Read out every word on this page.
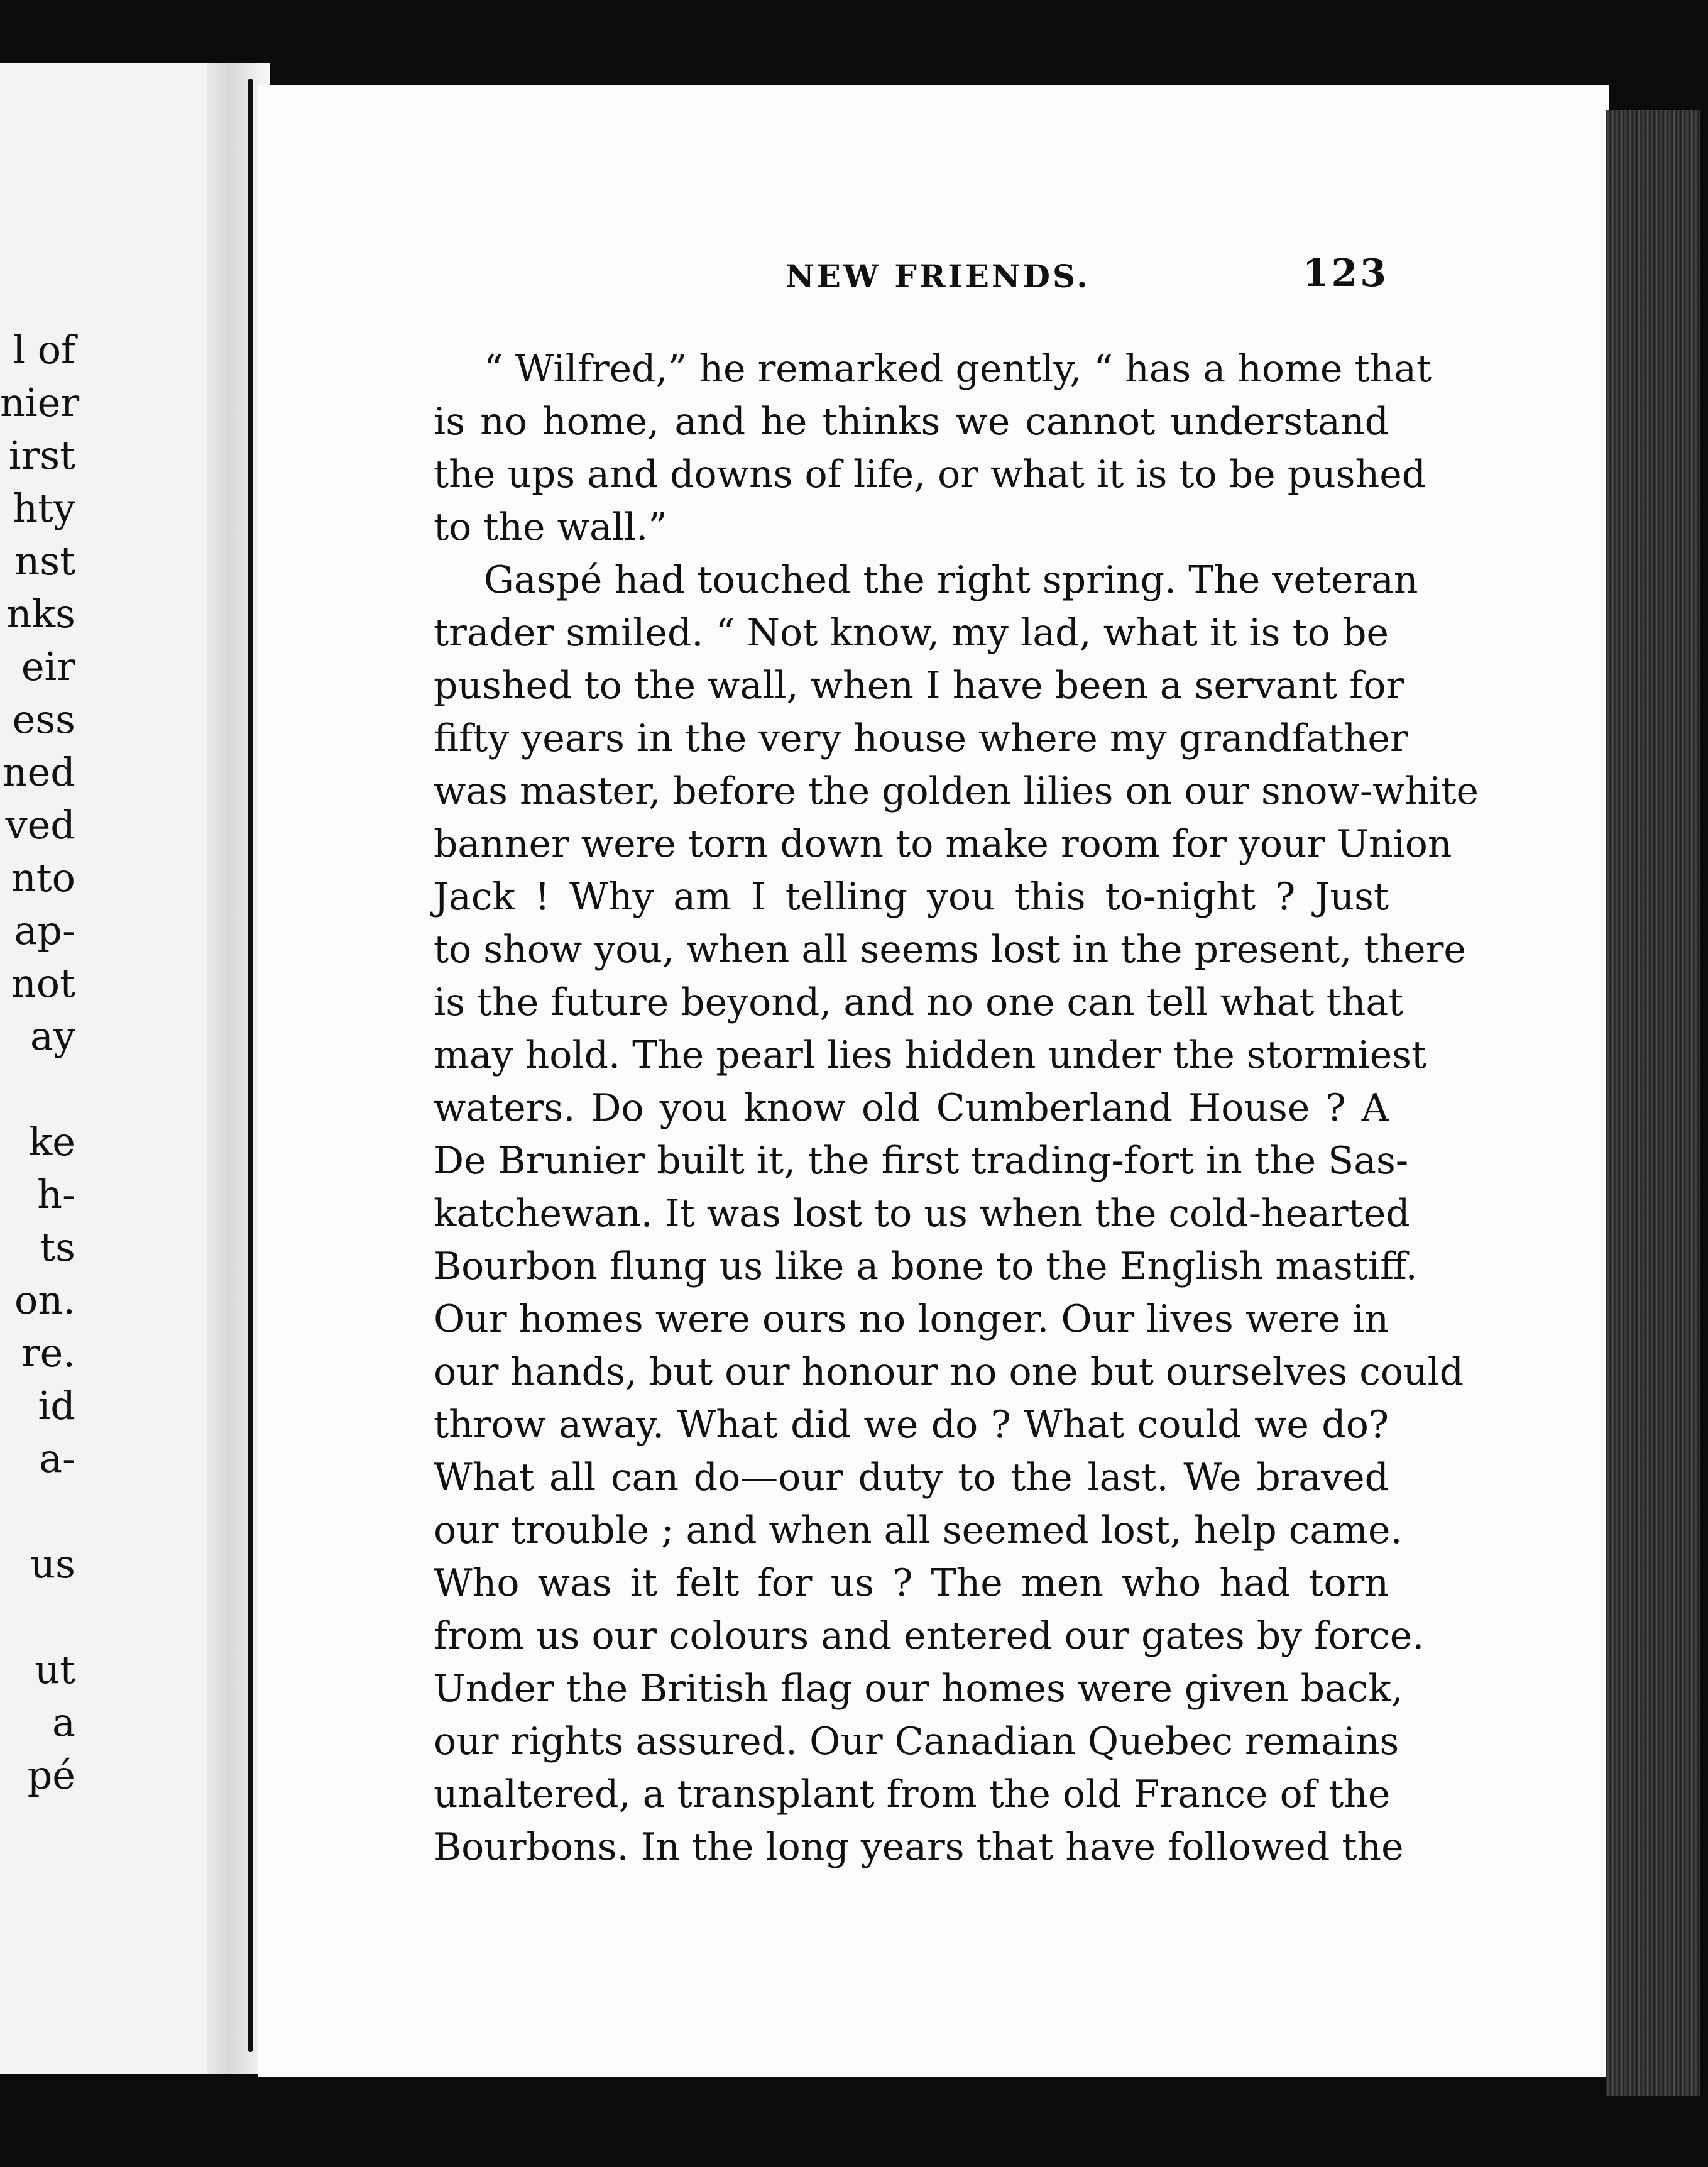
l of
nier
irst
hty
nst
nks
eir
ess
ned
ved
nto
ap-
not
ay

ke
h-
ts
on.
re.
id
a-

us

ut
a
pé
NEW FRIENDS.	123
“ Wilfred,” he remarked gently, “ has a home that
is no home, and he thinks we cannot understand
the ups and downs of life, or what it is to be pushed
to the wall.”
Gaspé had touched the right spring. The veteran
trader smiled. “ Not know, my lad, what it is to be
pushed to the wall, when I have been a servant for
fifty years in the very house where my grandfather
was master, before the golden lilies on our snow-white
banner were torn down to make room for your Union
Jack ! Why am I telling you this to-night ? Just
to show you, when all seems lost in the present, there
is the future beyond, and no one can tell what that
may hold. The pearl lies hidden under the stormiest
waters. Do you know old Cumberland House ? A
De Brunier built it, the first trading-fort in the Sas-
katchewan. It was lost to us when the cold-hearted
Bourbon flung us like a bone to the English mastiff.
Our homes were ours no longer. Our lives were in
our hands, but our honour no one but ourselves could
throw away. What did we do ? What could we do?
What all can do—our duty to the last. We braved
our trouble ; and when all seemed lost, help came.
Who was it felt for us ? The men who had torn
from us our colours and entered our gates by force.
Under the British flag our homes were given back,
our rights assured. Our Canadian Quebec remains
unaltered, a transplant from the old France of the
Bourbons. In the long years that have followed the
